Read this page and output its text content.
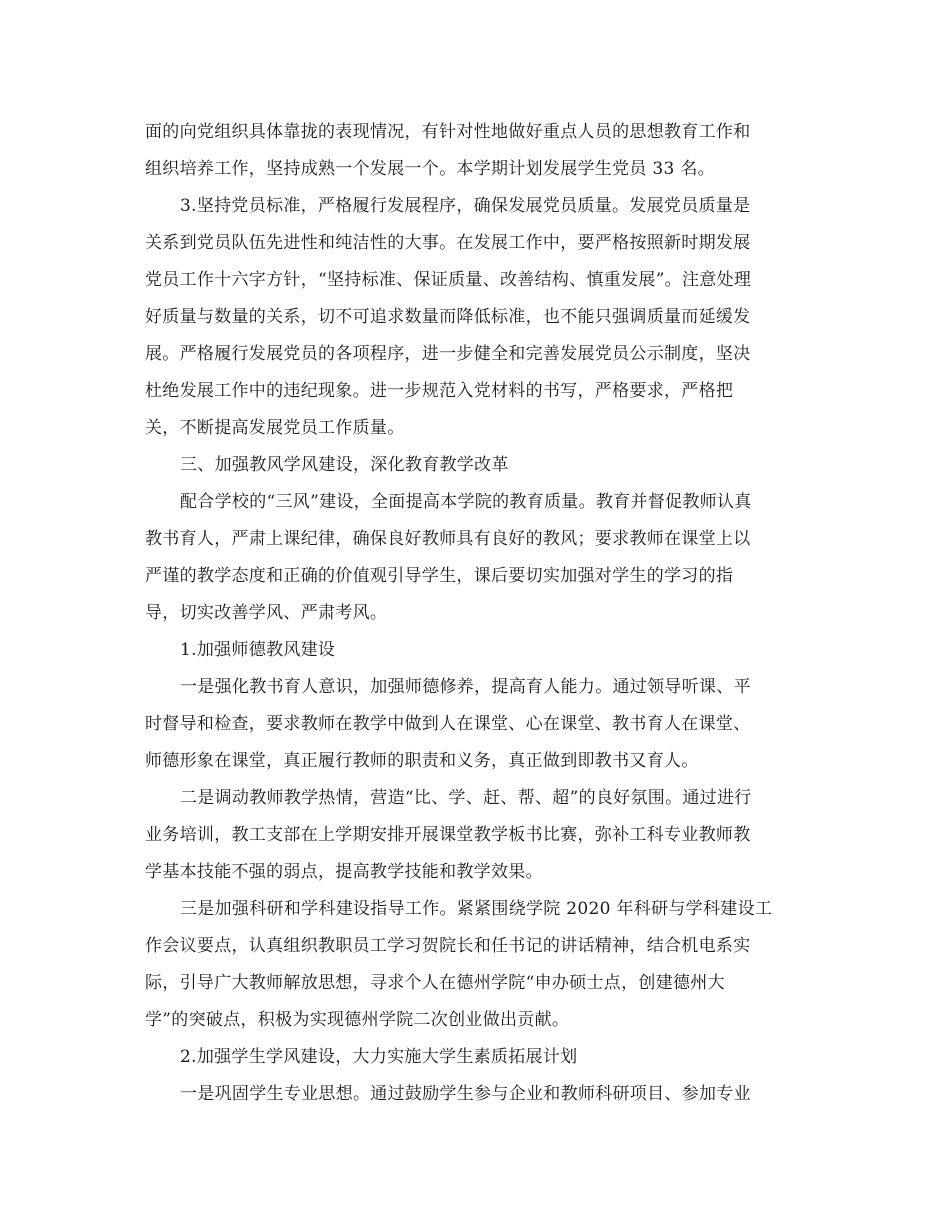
面的向党组织具体靠拢的表现情况，有针对性地做好重点人员的思想教育工作和
组织培养工作，坚持成熟一个发展一个。本学期计划发展学生党员 33 名。
3.坚持党员标准，严格履行发展程序，确保发展党员质量。发展党员质量是
关系到党员队伍先进性和纯洁性的大事。在发展工作中，要严格按照新时期发展
党员工作十六字方针，“坚持标准、保证质量、改善结构、慎重发展”。注意处理
好质量与数量的关系，切不可追求数量而降低标准，也不能只强调质量而延缓发
展。严格履行发展党员的各项程序，进一步健全和完善发展党员公示制度，坚决
杜绝发展工作中的违纪现象。进一步规范入党材料的书写，严格要求，严格把
关，不断提高发展党员工作质量。
三、加强教风学风建设，深化教育教学改革
配合学校的“三风”建设，全面提高本学院的教育质量。教育并督促教师认真
教书育人，严肃上课纪律，确保良好教师具有良好的教风；要求教师在课堂上以
严谨的教学态度和正确的价值观引导学生，课后要切实加强对学生的学习的指
导，切实改善学风、严肃考风。
1.加强师德教风建设
一是强化教书育人意识，加强师德修养，提高育人能力。通过领导听课、平
时督导和检查，要求教师在教学中做到人在课堂、心在课堂、教书育人在课堂、
师德形象在课堂，真正履行教师的职责和义务，真正做到即教书又育人。
二是调动教师教学热情，营造“比、学、赶、帮、超”的良好氛围。通过进行
业务培训，教工支部在上学期安排开展课堂教学板书比赛，弥补工科专业教师教
学基本技能不强的弱点，提高教学技能和教学效果。
三是加强科研和学科建设指导工作。紧紧围绕学院 2020 年科研与学科建设工
作会议要点，认真组织教职员工学习贺院长和任书记的讲话精神，结合机电系实
际，引导广大教师解放思想，寻求个人在德州学院“申办硕士点，创建德州大
学”的突破点，积极为实现德州学院二次创业做出贡献。
2.加强学生学风建设，大力实施大学生素质拓展计划
一是巩固学生专业思想。通过鼓励学生参与企业和教师科研项目、参加专业
